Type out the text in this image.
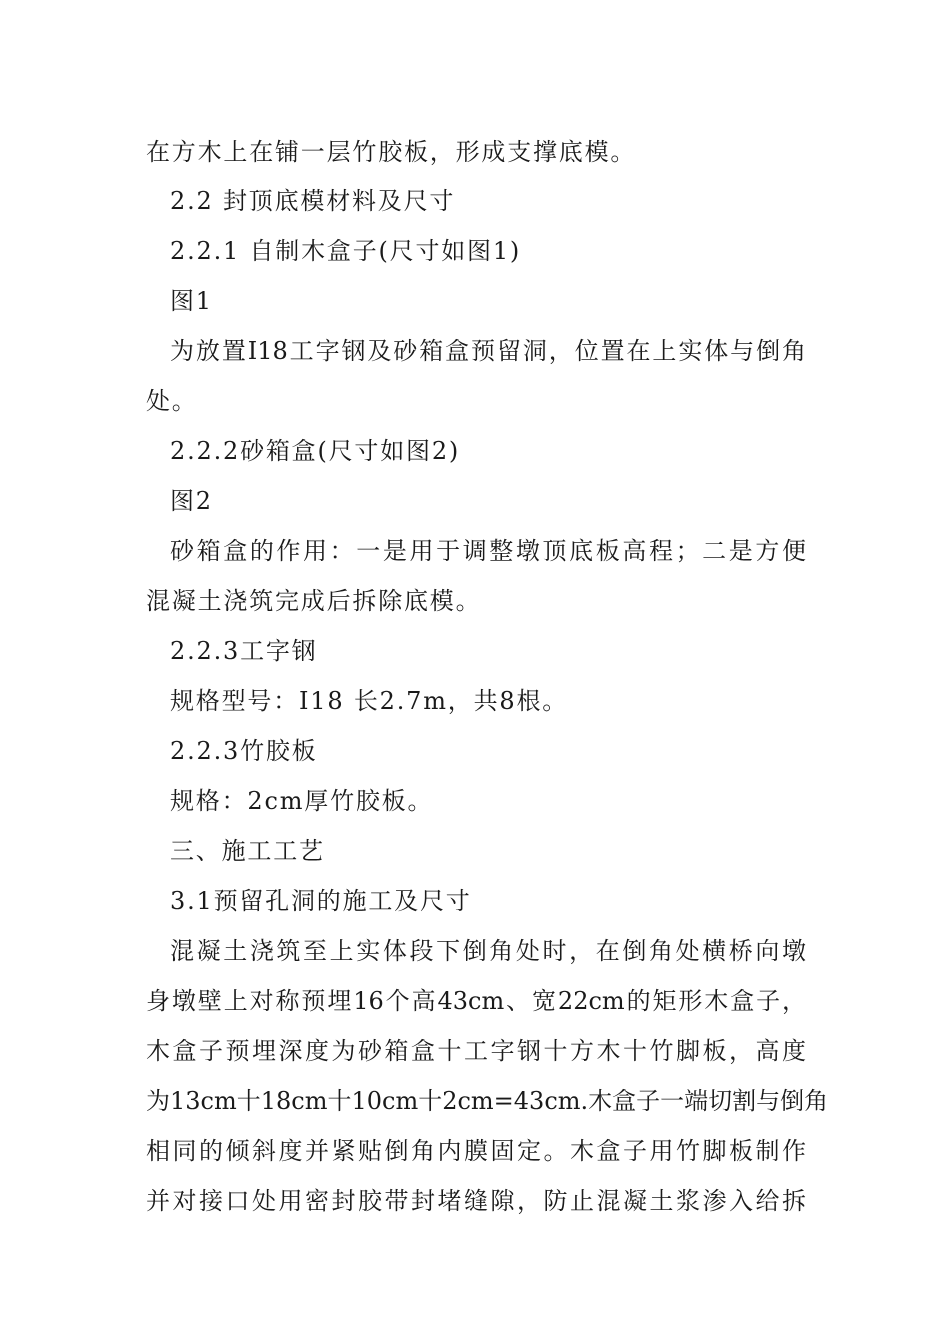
在方木上在铺一层竹胶板，形成支撑底模。
2.2 封顶底模材料及尺寸
2.2.1 自制木盒子(尺寸如图1)
图1
为放置I18工字钢及砂箱盒预留洞，位置在上实体与倒角
处。
2.2.2砂箱盒(尺寸如图2)
图2
砂箱盒的作用：一是用于调整墩顶底板高程；二是方便
混凝土浇筑完成后拆除底模。
2.2.3工字钢
规格型号：I18 长2.7m，共8根。
2.2.3竹胶板
规格：2cm厚竹胶板。
三、施工工艺
3.1预留孔洞的施工及尺寸
混凝土浇筑至上实体段下倒角处时，在倒角处横桥向墩
身墩壁上对称预埋16个高43cm、宽22cm的矩形木盒子，
木盒子预埋深度为砂箱盒十工字钢十方木十竹脚板，高度
为13cm十18cm十10cm十2cm=43cm.木盒子一端切割与倒角
相同的倾斜度并紧贴倒角内膜固定。木盒子用竹脚板制作
并对接口处用密封胶带封堵缝隙，防止混凝土浆渗入给拆
